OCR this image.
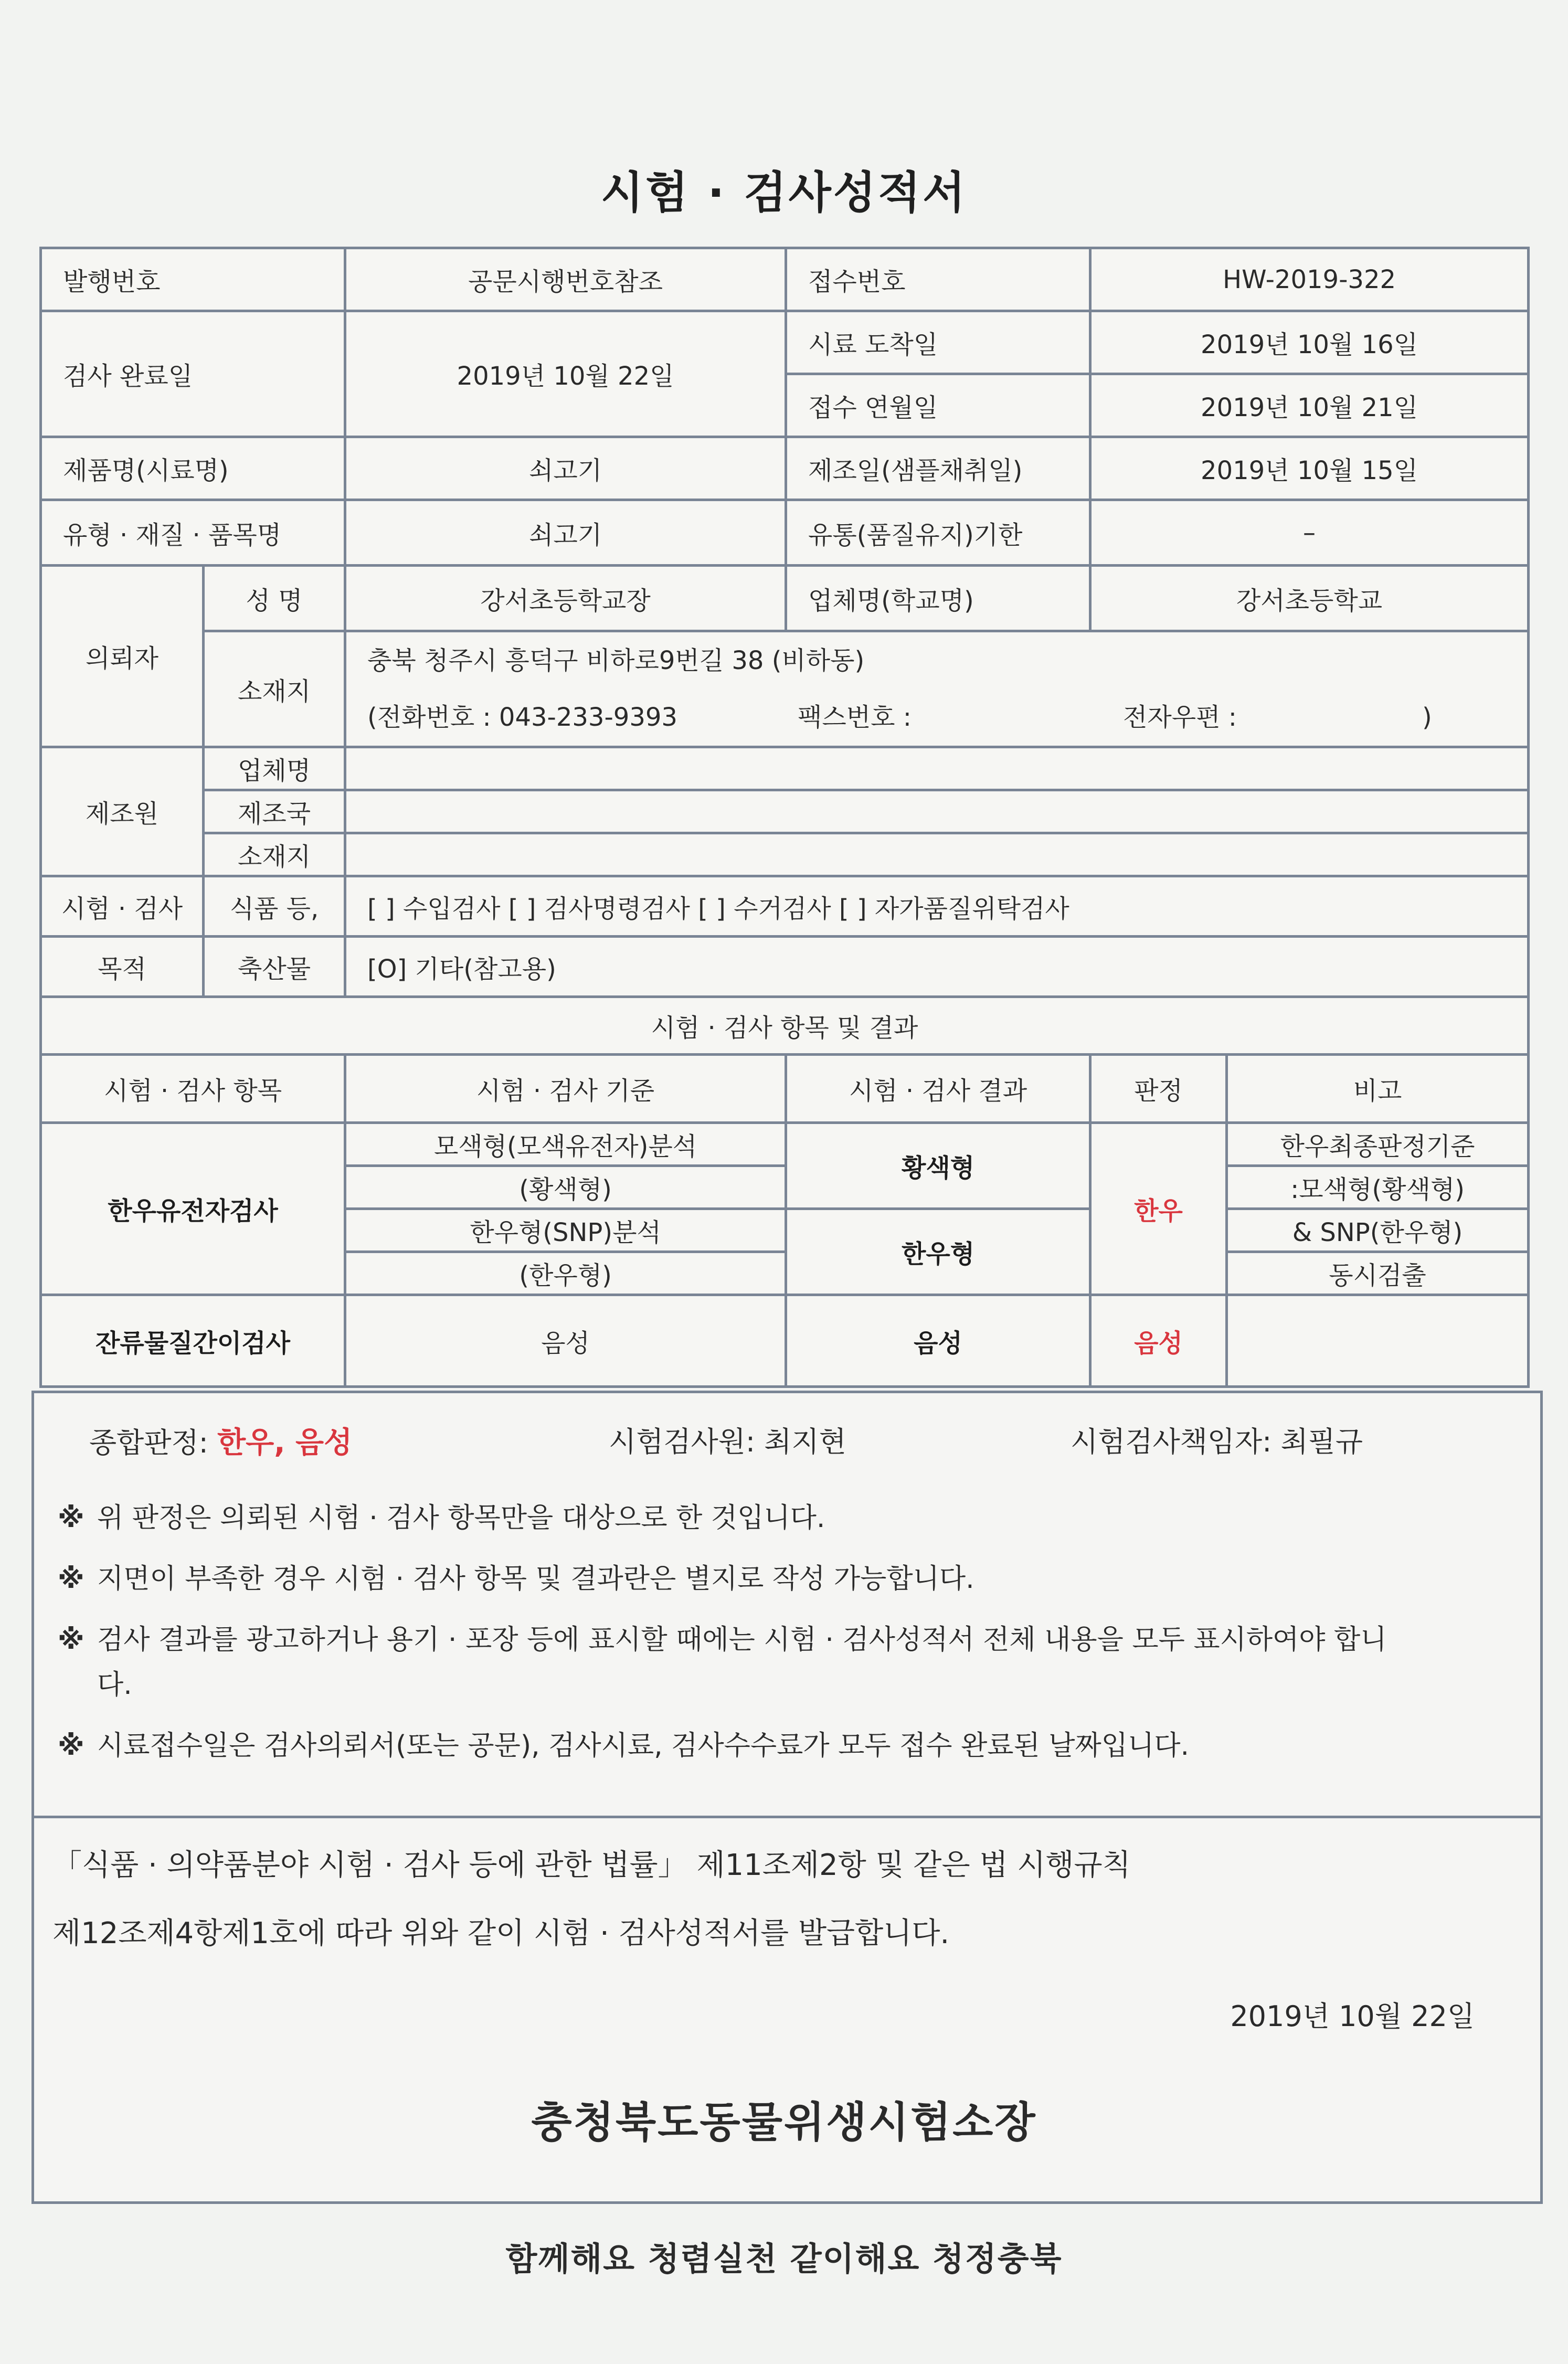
시험 · 검사성적서
발행번호		공문시행번호참조	접수번호	HW-2019-322	
검사 완료일		2019년 10월 22일	시료 도착일	2019년 10월 16일	
			접수 연월일	2019년 10월 21일	
제품명(시료명)		쇠고기	제조일(샘플채취일)	2019년 10월 15일	
유형 · 재질 · 품목명		쇠고기	유통(품질유지)기한	–	
의뢰자	성 명	강서초등학교장	업체명(학교명)	강서초등학교	
	소재지	충북 청주시 흥덕구 비하로9번길 38 (비하동)
(전화번호 : 043-233-9393 팩스번호 : 전자우편 : )			

제조원	업체명				
	제조국				
	소재지				
시험 · 검사	식품 등,	[ ] 수입검사 [ ] 검사명령검사 [ ] 수거검사 [ ] 자가품질위탁검사			
목적	축산물	[O] 기타(참고용)			
시험 · 검사 항목 및 결과					
시험 · 검사 항목		시험 · 검사 기준	시험 · 검사 결과	판정	비고
한우유전자검사		모색형(모색유전자)분석	황색형	한우	한우최종판정기준
		(황색형)			:모색형(황색형)
		한우형(SNP)분석	한우형		& SNP(한우형)
		(한우형)			동시검출
잔류물질간이검사		음성	음성	음성	
종합판정: 한우, 음성	시험검사원: 최지현	시험검사책임자: 최필규
※ 위 판정은 의뢰된 시험 · 검사 항목만을 대상으로 한 것입니다.
※ 지면이 부족한 경우 시험 · 검사 항목 및 결과란은 별지로 작성 가능합니다.
※ 검사 결과를 광고하거나 용기 · 포장 등에 표시할 때에는 시험 · 검사성적서 전체 내용을 모두 표시하여야 합니다.
※ 시료접수일은 검사의뢰서(또는 공문), 검사시료, 검사수수료가 모두 접수 완료된 날짜입니다.
「식품 · 의약품분야 시험 · 검사 등에 관한 법률」 제11조제2항 및 같은 법 시행규칙
제12조제4항제1호에 따라 위와 같이 시험 · 검사성적서를 발급합니다.
2019년 10월 22일
충청북도동물위생시험소장
함께해요 청렴실천 같이해요 청정충북
